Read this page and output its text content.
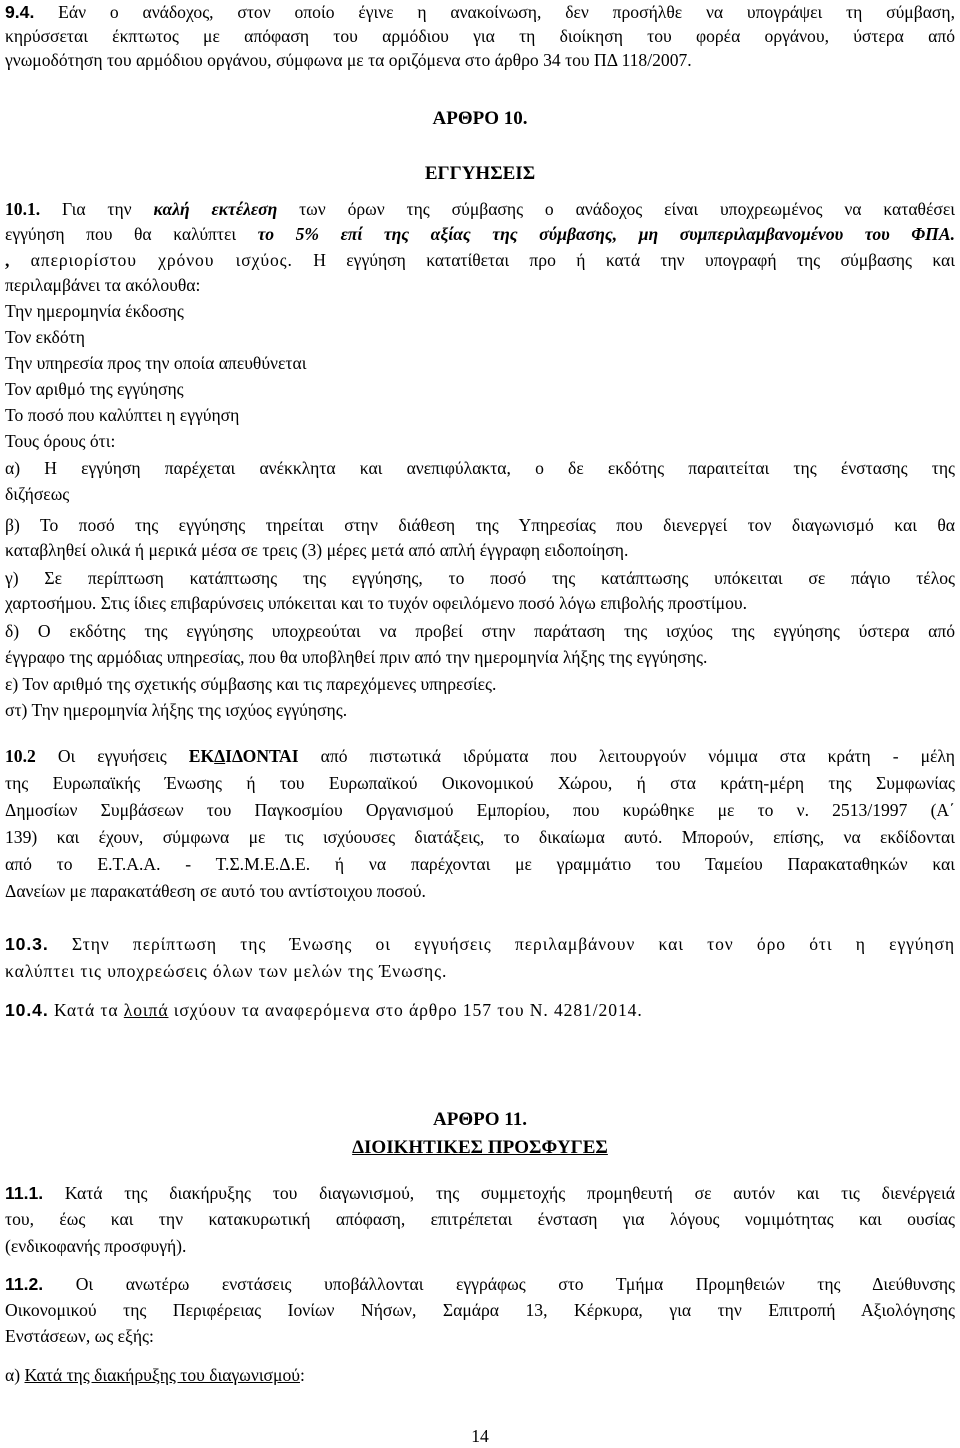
9.4. Εάν ο ανάδοχος, στον οποίο έγινε η ανακοίνωση, δεν προσήλθε να υπογράψει τη σύμβαση,
κηρύσσεται έκπτωτος με απόφαση του αρμόδιου για τη διοίκηση του φορέα οργάνου, ύστερα από
γνωμοδότηση του αρμόδιου οργάνου, σύμφωνα με τα οριζόμενα στο άρθρο 34 του ΠΔ 118/2007.
ΑΡΘΡΟ 10.
ΕΓΓΥΗΣΕΙΣ
10.1. Για την καλή εκτέλεση των όρων της σύμβασης ο ανάδοχος είναι υποχρεωμένος να καταθέσει
εγγύηση που θα καλύπτει το 5% επί της αξίας της σύμβασης, μη συμπεριλαμβανομένου του ΦΠΑ.
, απεριορίστου χρόνου ισχύος. Η εγγύηση κατατίθεται προ ή κατά την υπογραφή της σύμβασης και
περιλαμβάνει τα ακόλουθα:
Την ημερομηνία έκδοσης
Τον εκδότη
Την υπηρεσία προς την οποία απευθύνεται
Τον αριθμό της εγγύησης
Το ποσό που καλύπτει η εγγύηση
Τους όρους ότι:
α) Η εγγύηση παρέχεται ανέκκλητα και ανεπιφύλακτα, ο δε εκδότης παραιτείται της ένστασης της
διζήσεως
β) Το ποσό της εγγύησης τηρείται στην διάθεση της Υπηρεσίας που διενεργεί τον διαγωνισμό και θα
καταβληθεί ολικά ή μερικά μέσα σε τρεις (3) μέρες μετά από απλή έγγραφη ειδοποίηση.
γ) Σε περίπτωση κατάπτωσης της εγγύησης, το ποσό της κατάπτωσης υπόκειται σε πάγιο τέλος
χαρτοσήμου. Στις ίδιες επιβαρύνσεις υπόκειται και το τυχόν οφειλόμενο ποσό λόγω επιβολής προστίμου.
δ) Ο εκδότης της εγγύησης υποχρεούται να προβεί στην παράταση της ισχύος της εγγύησης ύστερα από
έγγραφο της αρμόδιας υπηρεσίας, που θα υποβληθεί πριν από την ημερομηνία λήξης της εγγύησης.
ε) Τον αριθμό της σχετικής σύμβασης και τις παρεχόμενες υπηρεσίες.
στ) Την ημερομηνία λήξης της ισχύος εγγύησης.
10.2 Οι εγγυήσεις ΕΚΔΙΔΟΝΤΑΙ από πιστωτικά ιδρύματα που λειτουργούν νόμιμα στα κράτη - μέλη
της Ευρωπαϊκής Ένωσης ή του Ευρωπαϊκού Οικονομικού Χώρου, ή στα κράτη-μέρη της Συμφωνίας
Δημοσίων Συμβάσεων του Παγκοσμίου Οργανισμού Εμπορίου, που κυρώθηκε με το ν. 2513/1997 (Α΄
139) και έχουν, σύμφωνα με τις ισχύουσες διατάξεις, το δικαίωμα αυτό. Μπορούν, επίσης, να εκδίδονται
από το Ε.Τ.Α.Α. - Τ.Σ.Μ.Ε.Δ.Ε. ή να παρέχονται με γραμμάτιο του Ταμείου Παρακαταθηκών και
Δανείων με παρακατάθεση σε αυτό του αντίστοιχου ποσού.
10.3. Στην περίπτωση της Ένωσης οι εγγυήσεις περιλαμβάνουν και τον όρο ότι η εγγύηση
καλύπτει τις υποχρεώσεις όλων των μελών της Ένωσης.
10.4. Κατά τα λοιπά ισχύουν τα αναφερόμενα στο άρθρο 157 του Ν. 4281/2014.
ΑΡΘΡΟ 11.
ΔΙΟΙΚΗΤΙΚΕΣ ΠΡΟΣΦΥΓΕΣ
11.1. Κατά της διακήρυξης του διαγωνισμού, της συμμετοχής προμηθευτή σε αυτόν και τις διενέργειά
του, έως και την κατακυρωτική απόφαση, επιτρέπεται ένσταση για λόγους νομιμότητας και ουσίας
(ενδικοφανής προσφυγή).
11.2. Οι ανωτέρω ενστάσεις υποβάλλονται εγγράφως στο Τμήμα Προμηθειών της Διεύθυνσης
Οικονομικού της Περιφέρειας Ιονίων Νήσων, Σαμάρα 13, Κέρκυρα, για την Επιτροπή Αξιολόγησης
Ενστάσεων, ως εξής:
α) Κατά της διακήρυξης του διαγωνισμού:
14
